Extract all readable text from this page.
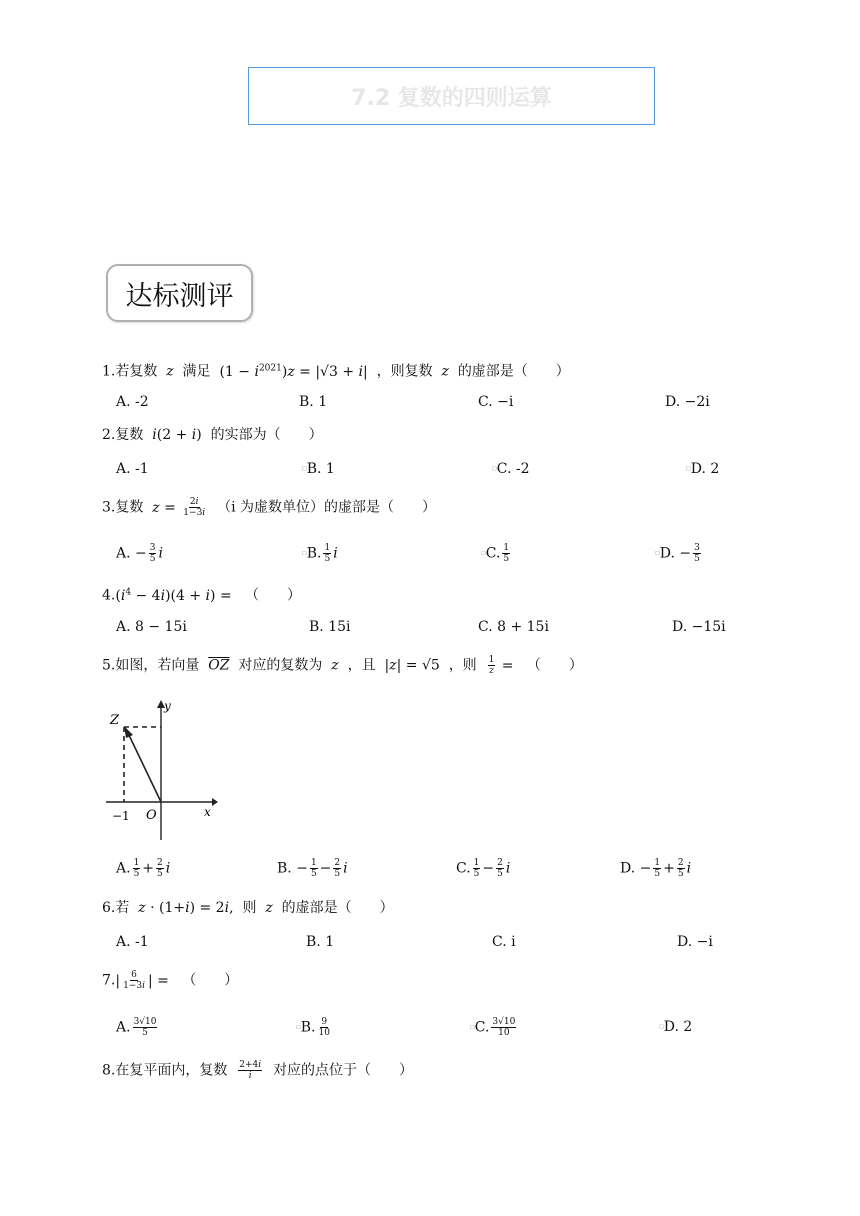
7.2 复数的四则运算
达标测评
1.若复数  z  满足  $(1 - i^{2021})z = |√3 + i|$  ，则复数  z  的虚部是（　　）
A. -2	B. 1	C. −i	D. −2i
2.复数 i(2 + i)  的实部为（　　）
A. -1	□B. 1	□C. -2	□D. 2
3.复数 $z = \frac{2i}{1-3i} (i$ 为虚数单位）的虚部是（　　）
A. − $\frac{3}{5}$ i	□B. $\frac{1}{5}$ i	□C. $\frac{1}{5}$	□D. − $\frac{3}{5}$
$4.(i^4 - 4i)(4 + i)$ =   （　　）
A. 8 − 15i	B. 15i	C. 8 + 15i	D. −15i
5.如图，若向量 $\overline{OZ}$ 对应的复数为  z  ，且  |z| = √5  ，则 $\frac{1}{z}$ =   （　　）
Z
y
x
O
−1
A. $\frac{1}{5} + \frac{2}{5}$ i	B. − $\frac{1}{5} - \frac{2}{5}$ i	C. $\frac{1}{5} - \frac{2}{5}$ i	D. − $\frac{1}{5} + \frac{2}{5}$ i
6.若 z · (1+i) = 2i,  则  z  的虚部是（　　）
A. -1	B. 1	C. i	D. −i
$7.| \frac{6}{1-3i}$ | =   （　　）
A. $\frac{3√10}{5}$	□B. $\frac{9}{10}$	□C. $\frac{3√10}{10}$	□D. 2
8.在复平面内，复数 $\frac{2+4i}{i}$ 对应的点位于（　　）
